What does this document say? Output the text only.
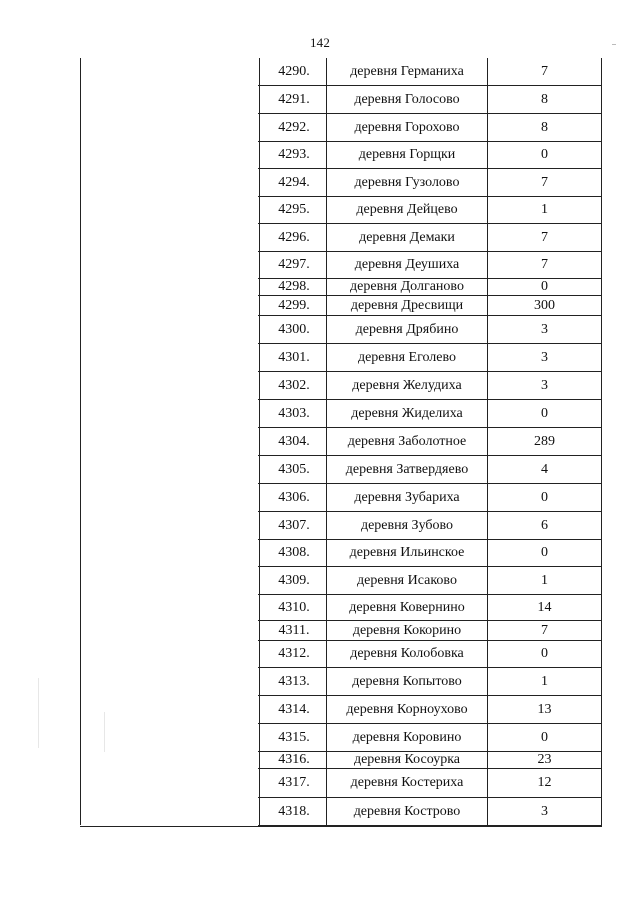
142
4290.	деревня Германиха	7
4291.	деревня Голосово	8
4292.	деревня Горохово	8
4293.	деревня Горщки	0
4294.	деревня Гузолово	7
4295.	деревня Дейцево	1
4296.	деревня Демаки	7
4297.	деревня Деушиха	7
4298.	деревня Долганово	0
4299.	деревня Дресвищи	300
4300.	деревня Дрябино	3
4301.	деревня Еголево	3
4302.	деревня Желудиха	3
4303.	деревня Жиделиха	0
4304.	деревня Заболотное	289
4305.	деревня Затвердяево	4
4306.	деревня Зубариха	0
4307.	деревня Зубово	6
4308.	деревня Ильинское	0
4309.	деревня Исаково	1
4310.	деревня Ковернино	14
4311.	деревня Кокорино	7
4312.	деревня Колобовка	0
4313.	деревня Копытово	1
4314.	деревня Корноухово	13
4315.	деревня Коровино	0
4316.	деревня Косоурка	23
4317.	деревня Костериха	12
4318.	деревня Кострово	3
